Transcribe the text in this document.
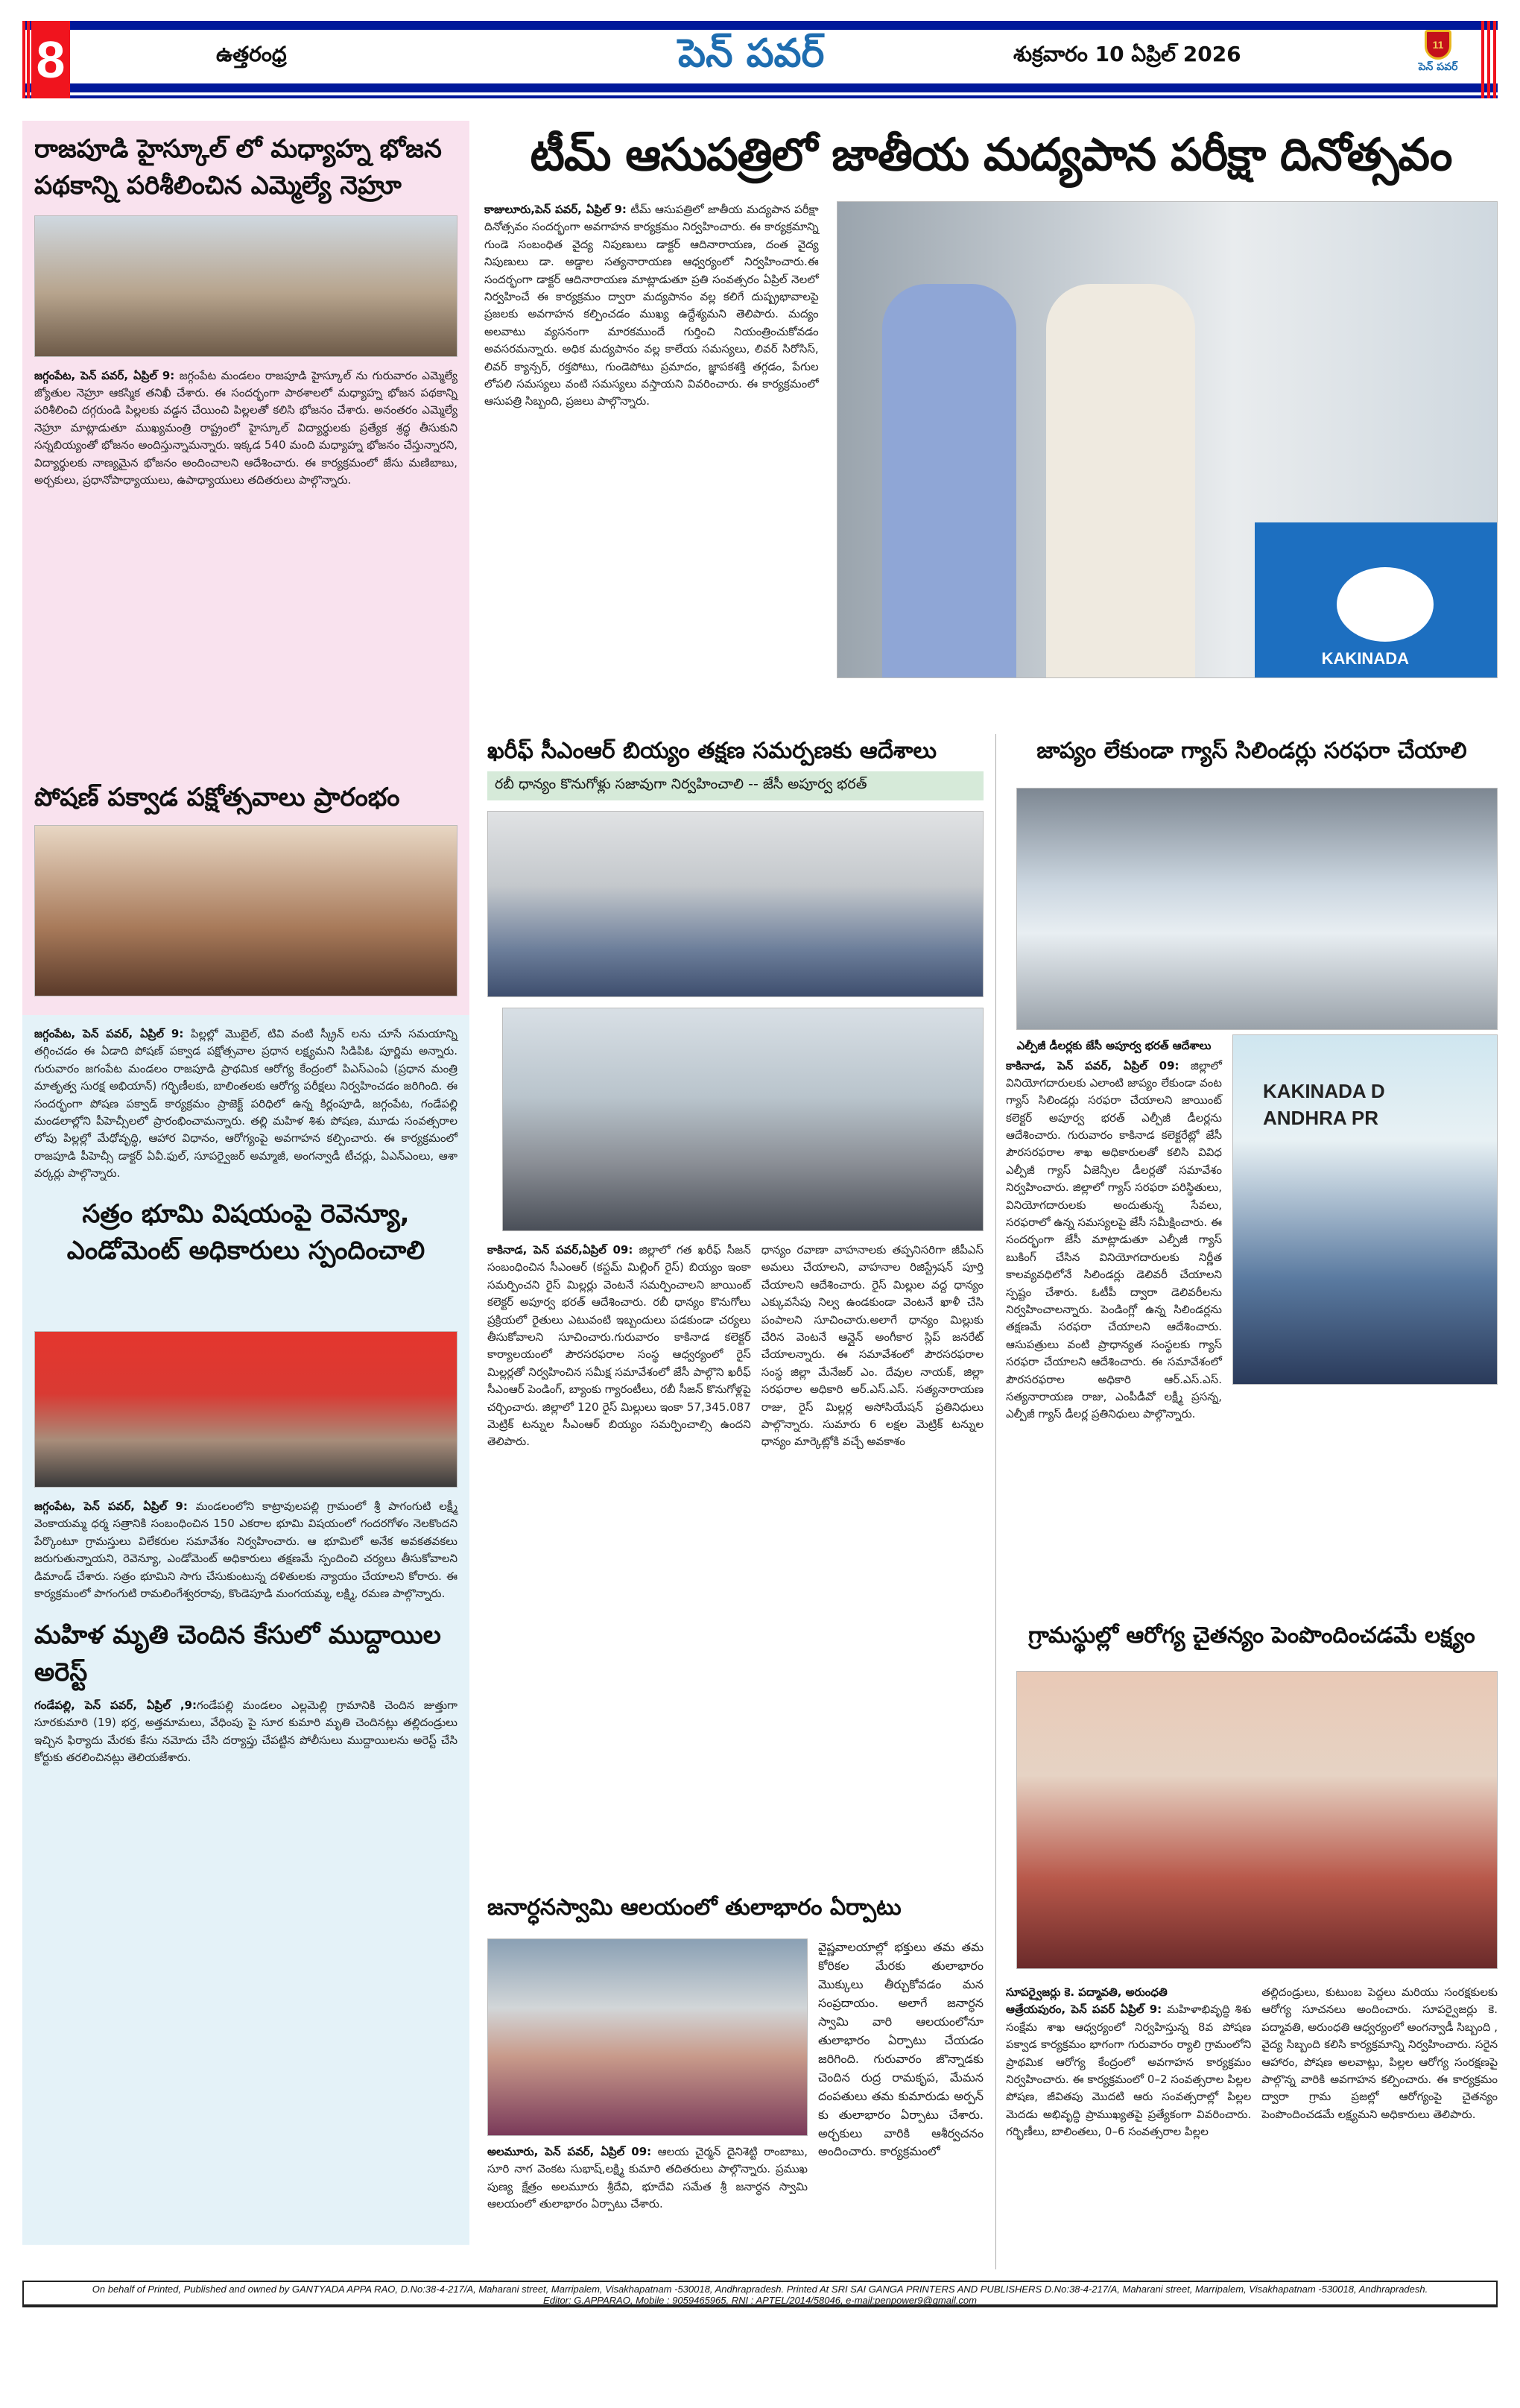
8	ఉత్తరంధ్ర	పెన్ పవర్	శుక్రవారం 10 ఏప్రిల్ 2026	11
పెన్ పవర్
రాజపూడి హైస్కూల్ లో మధ్యాహ్న భోజన పథకాన్ని పరిశీలించిన ఎమ్మెల్యే నెహ్రూ

జగ్గంపేట, పెన్ పవర్, ఏప్రిల్ 9: జగ్గంపేట మండలం రాజపూడి హైస్కూల్ ను గురువారం ఎమ్మెల్యే జ్యోతుల నెహ్రూ ఆకస్మిక తనిఖీ చేశారు. ఈ సందర్భంగా పాఠశాలలో మధ్యాహ్న భోజన పథకాన్ని పరిశీలించి దగ్గరుండి పిల్లలకు వడ్డన చేయించి పిల్లలతో కలిసి భోజనం చేశారు. అనంతరం ఎమ్మెల్యే నెహ్రూ మాట్లాడుతూ ముఖ్యమంత్రి రాష్ట్రంలో హైస్కూల్ విద్యార్థులకు ప్రత్యేక శ్రద్ధ తీసుకుని సన్నబియ్యంతో భోజనం అందిస్తున్నామన్నారు. ఇక్కడ 540 మంది మధ్యాహ్న భోజనం చేస్తున్నారని, విద్యార్థులకు నాణ్యమైన భోజనం అందించాలని ఆదేశించారు. ఈ కార్యక్రమంలో జేసు మణిబాబు, అర్చకులు, ప్రధానోపాధ్యాయులు, ఉపాధ్యాయులు తదితరులు పాల్గొన్నారు.

పోషణ్ పక్వాడ పక్షోత్సవాలు ప్రారంభం

జగ్గంపేట, పెన్ పవర్, ఏప్రిల్ 9: పిల్లల్లో మొబైల్, టివి వంటి స్క్రీన్ లను చూసే సమయాన్ని తగ్గించడం ఈ ఏడాది పోషణ్ పక్వాడ పక్షోత్సవాల ప్రధాన లక్ష్యమని సిడిపిఓ పూర్ణిమ అన్నారు. గురువారం జగంపేట మండలం రాజపూడి ప్రాథమిక ఆరోగ్య కేంద్రంలో పిఎస్ఎంఏ (ప్రధాన మంత్రి మాతృత్వ సురక్ష అభియాన్) గర్భిణీలకు, బాలింతలకు ఆరోగ్య పరీక్షలు నిర్వహించడం జరిగింది. ఈ సందర్భంగా పోషణ పక్వాడ్ కార్యక్రమం ప్రాజెక్ట్ పరిధిలో ఉన్న కిర్లంపూడి, జగ్గంపేట, గండేపల్లి మండలాల్లోని పీహెచ్సీలలో ప్రారంభించామన్నారు. తల్లి మహిళ శిశు పోషణ, మూడు సంవత్సరాల లోపు పిల్లల్లో మేధోవృద్ధి, ఆహార విధానం, ఆరోగ్యంపై అవగాహన కల్పించారు. ఈ కార్యక్రమంలో రాజపూడి పీహెచ్సీ డాక్టర్ ఏవీ.ఫుల్, సూపర్వైజర్ అమ్మాజీ, అంగన్వాడీ టీచర్లు, ఏఎన్ఎంలు, ఆశా వర్కర్లు పాల్గొన్నారు.

సత్రం భూమి విషయంపై రెవెన్యూ, ఎండోమెంట్ అధికారులు స్పందించాలి

జగ్గంపేట, పెన్ పవర్, ఏప్రిల్ 9: మండలంలోని కాట్రావులపల్లి గ్రామంలో శ్రీ పాగంగుటి లక్ష్మీ వెంకాయమ్మ ధర్మ సత్రానికి సంబంధించిన 150 ఎకరాల భూమి విషయంలో గందరగోళం నెలకొందని పేర్కొంటూ గ్రామస్తులు విలేకరుల సమావేశం నిర్వహించారు. ఆ భూమిలో అనేక అవకతవకలు జరుగుతున్నాయని, రెవెన్యూ, ఎండోమెంట్ అధికారులు తక్షణమే స్పందించి చర్యలు తీసుకోవాలని డిమాండ్ చేశారు. సత్రం భూమిని సాగు చేసుకుంటున్న దళితులకు న్యాయం చేయాలని కోరారు. ఈ కార్యక్రమంలో పాగంగుటి రామలింగేశ్వరరావు, కొండెపూడి మంగయమ్మ, లక్ష్మి, రమణ పాల్గొన్నారు.

మహిళ మృతి చెందిన కేసులో ముద్దాయిల అరెస్ట్

గండేపల్లి, పెన్ పవర్, ఏప్రిల్ ,9:గండేపల్లి మండలం ఎల్లమెల్లి గ్రామానికి చెందిన జుత్తుగా సూరకుమారి (19) భర్త, అత్తమామలు, వేధింపు పై సూర కుమారి మృతి చెందినట్లు తల్లిదండ్రులు ఇచ్చిన ఫిర్యాదు మేరకు కేసు నమోదు చేసి దర్యాప్తు చేపట్టిన పోలీసులు ముద్దాయిలను అరెస్ట్ చేసి కోర్టుకు తరలించినట్లు తెలియజేశారు.

టీమ్ ఆసుపత్రిలో జాతీయ మద్యపాన పరీక్షా దినోత్సవం

కాజులూరు,పెన్ పవర్, ఏప్రిల్ 9: టీమ్ ఆసుపత్రిలో జాతీయ మద్యపాన పరీక్షా దినోత్సవం సందర్భంగా అవగాహన కార్యక్రమం నిర్వహించారు. ఈ కార్యక్రమాన్ని గుండె సంబంధిత వైద్య నిపుణులు డాక్టర్ ఆదినారాయణ, దంత వైద్య నిపుణులు డా. అడ్డాల సత్యనారాయణ ఆధ్వర్యంలో నిర్వహించారు.ఈ సందర్భంగా డాక్టర్ ఆదినారాయణ మాట్లాడుతూ ప్రతి సంవత్సరం ఏప్రిల్ నెలలో నిర్వహించే ఈ కార్యక్రమం ద్వారా మద్యపానం వల్ల కలిగే దుష్ప్రభావాలపై ప్రజలకు అవగాహన కల్పించడం ముఖ్య ఉద్దేశ్యమని తెలిపారు. మద్యం అలవాటు వ్యసనంగా మారకముందే గుర్తించి నియంత్రించుకోవడం అవసరమన్నారు. అధిక మద్యపానం వల్ల కాలేయ సమస్యలు, లివర్ సిరోసిస్, లివర్ క్యాన్సర్, రక్తపోటు, గుండెపోటు ప్రమాదం, జ్ఞాపకశక్తి తగ్గడం, పేగుల లోపలి సమస్యలు వంటి సమస్యలు వస్తాయని వివరించారు. ఈ కార్యక్రమంలో ఆసుపత్రి సిబ్బంది, ప్రజలు పాల్గొన్నారు.

KAKINADA
ఖరీఫ్ సీఎంఆర్ బియ్యం తక్షణ సమర్పణకు ఆదేశాలు
రబీ ధాన్యం కొనుగోళ్లు సజావుగా నిర్వహించాలి -- జేసీ అపూర్వ భరత్

కాకినాడ, పెన్ పవర్,ఏప్రిల్ 09: జిల్లాలో గత ఖరీఫ్ సీజన్ సంబంధించిన సీఎంఆర్ (కస్టమ్ మిల్లింగ్ రైస్) బియ్యం ఇంకా సమర్పించని రైస్ మిల్లర్లు వెంటనే సమర్పించాలని జాయింట్ కలెక్టర్ అపూర్వ భరత్ ఆదేశించారు. రబీ ధాన్యం కొనుగోలు ప్రక్రియలో రైతులు ఎటువంటి ఇబ్బందులు పడకుండా చర్యలు తీసుకోవాలని సూచించారు.గురువారం కాకినాడ కలెక్టర్ కార్యాలయంలో పౌరసరఫరాల సంస్థ ఆధ్వర్యంలో రైస్ మిల్లర్లతో నిర్వహించిన సమీక్ష సమావేశంలో జేసీ పాల్గొని ఖరీఫ్ సీఎంఆర్ పెండింగ్, బ్యాంకు గ్యారంటీలు, రబీ సీజన్ కొనుగోళ్లపై చర్చించారు. జిల్లాలో 120 రైస్ మిల్లులు ఇంకా 57,345.087 మెట్రిక్ టన్నుల సీఎంఆర్ బియ్యం సమర్పించాల్సి ఉందని తెలిపారు.

ధాన్యం రవాణా వాహనాలకు తప్పనిసరిగా జీపీఎస్ అమలు చేయాలని, వాహనాల రిజిస్ట్రేషన్ పూర్తి చేయాలని ఆదేశించారు. రైస్ మిల్లుల వద్ద ధాన్యం ఎక్కువసేపు నిల్వ ఉండకుండా వెంటనే ఖాళీ చేసి పంపాలని సూచించారు.అలాగే ధాన్యం మిల్లుకు చేరిన వెంటనే ఆన్లైన్ అంగీకార స్లిప్ జనరేట్ చేయాలన్నారు. ఈ సమావేశంలో పౌరసరఫరాల సంస్థ జిల్లా మేనేజర్ ఎం. దేవుల నాయక్, జిల్లా సరఫరాల అధికారి అర్.ఎస్.ఎస్. సత్యనారాయణ రాజు, రైస్ మిల్లర్ల అసోసియేషన్ ప్రతినిధులు పాల్గొన్నారు. సుమారు 6 లక్షల మెట్రిక్ టన్నుల ధాన్యం మార్కెట్లోకి వచ్చే అవకాశం

జనార్ధనస్వామి ఆలయంలో తులాభారం ఏర్పాటు

అలమూరు, పెన్ పవర్, ఏప్రిల్ 09: ఆలయ చైర్మన్ దైనిశెట్టి రాంబాబు, సూరి నాగ వెంకట సుభాష్,లక్ష్మి కుమారి తదితరులు పాల్గొన్నారు. ప్రముఖ పుణ్య క్షేత్రం అలమూరు శ్రీదేవి, భూదేవి సమేత శ్రీ జనార్ధన స్వామి ఆలయంలో తులాభారం ఏర్పాటు చేశారు.

వైష్ణవాలయాల్లో భక్తులు తమ తమ కోరికల మేరకు తులాభారం మొక్కులు తీర్చుకోవడం మన సంప్రదాయం. అలాగే జనార్ధన స్వామి వారి ఆలయంలోనూ తులాభారం ఏర్పాటు చేయడం జరిగింది. గురువారం జొన్నాడకు చెందిన రుద్ర రామకృప, మేమన దంపతులు తమ కుమారుడు అర్పన్ కు తులాభారం ఏర్పాటు చేశారు. అర్చకులు వారికి ఆశీర్వచనం అందించారు. కార్యక్రమంలో

జాప్యం లేకుండా గ్యాస్ సిలిండర్లు సరఫరా చేయాలి
ఎల్పీజీ డీలర్లకు జేసీ అపూర్వ భరత్ ఆదేశాలు

కాకినాడ, పెన్ పవర్, ఏప్రిల్ 09: జిల్లాలో వినియోగదారులకు ఎలాంటి జాప్యం లేకుండా వంట గ్యాస్ సిలిండర్లు సరఫరా చేయాలని జాయింట్ కలెక్టర్ అపూర్వ భరత్ ఎల్పీజీ డీలర్లను ఆదేశించారు. గురువారం కాకినాడ కలెక్టరేట్లో జేసీ పౌరసరఫరాల శాఖ అధికారులతో కలిసి వివిధ ఎల్పీజీ గ్యాస్ ఏజెన్సీల డీలర్లతో సమావేశం నిర్వహించారు. జిల్లాలో గ్యాస్ సరఫరా పరిస్థితులు, వినియోగదారులకు అందుతున్న సేవలు, సరఫరాలో ఉన్న సమస్యలపై జేసీ సమీక్షించారు. ఈ సందర్భంగా జేసీ మాట్లాడుతూ ఎల్పీజీ గ్యాస్ బుకింగ్ చేసిన వినియోగదారులకు నిర్ణీత కాలవ్యవధిలోనే సిలిండర్లు డెలివరీ చేయాలని స్పష్టం చేశారు. ఓటీపీ ద్వారా డెలివరీలను నిర్వహించాలన్నారు. పెండింగ్లో ఉన్న సిలిండర్లను తక్షణమే సరఫరా చేయాలని ఆదేశించారు. ఆసుపత్రులు వంటి ప్రాధాన్యత సంస్థలకు గ్యాస్ సరఫరా చేయాలని ఆదేశించారు. ఈ సమావేశంలో పౌరసరఫరాల అధికారి ఆర్.ఎస్.ఎస్. సత్యనారాయణ రాజు, ఎంపీడీవో లక్ష్మీ ప్రసన్న, ఎల్పీజీ గ్యాస్ డీలర్ల ప్రతినిధులు పాల్గొన్నారు.

KAKINADA D
ANDHRA PR
గ్రామస్థుల్లో ఆరోగ్య చైతన్యం పెంపొందించడమే లక్ష్యం

సూపర్వైజర్లు కె. పద్మావతి, అరుంధతి
ఆత్రేయపురం, పెన్ పవర్ ఏప్రిల్ 9: మహిళాభివృద్ధి శిశు సంక్షేమ శాఖ ఆధ్వర్యంలో నిర్వహిస్తున్న 8వ పోషణ పక్వాడ కార్యక్రమం భాగంగా గురువారం ర్యాలి గ్రామంలోని ప్రాథమిక ఆరోగ్య కేంద్రంలో అవగాహన కార్యక్రమం నిర్వహించారు. ఈ కార్యక్రమంలో 0–2 సంవత్సరాల పిల్లల పోషణ, జీవితపు మొదటి ఆరు సంవత్సరాల్లో పిల్లల మెదడు అభివృద్ధి ప్రాముఖ్యతపై ప్రత్యేకంగా వివరించారు. గర్భిణీలు, బాలింతలు, 0–6 సంవత్సరాల పిల్లల

తల్లిదండ్రులు, కుటుంబ పెద్దలు మరియు సంరక్షకులకు ఆరోగ్య సూచనలు అందించారు. సూపర్వైజర్లు కె. పద్మావతి, అరుంధతి ఆధ్వర్యంలో అంగన్వాడీ సిబ్బంది , వైద్య సిబ్బంది కలిసి కార్యక్రమాన్ని నిర్వహించారు. సరైన ఆహారం, పోషణ అలవాట్లు, పిల్లల ఆరోగ్య సంరక్షణపై పాల్గొన్న వారికి అవగాహన కల్పించారు. ఈ కార్యక్రమం ద్వారా గ్రామ ప్రజల్లో ఆరోగ్యంపై చైతన్యం పెంపొందించడమే లక్ష్యమని అధికారులు తెలిపారు.

On behalf of Printed, Published and owned by GANTYADA APPA RAO, D.No:38-4-217/A, Maharani street, Marripalem, Visakhapatnam -530018, Andhrapradesh. Printed At SRI SAI GANGA PRINTERS AND PUBLISHERS D.No:38-4-217/A, Maharani street, Marripalem, Visakhapatnam -530018, Andhrapradesh.
Editor: G.APPARAO, Mobile : 9059465965, RNI : APTEL/2014/58046, e-mail:penpower9@gmail.com
